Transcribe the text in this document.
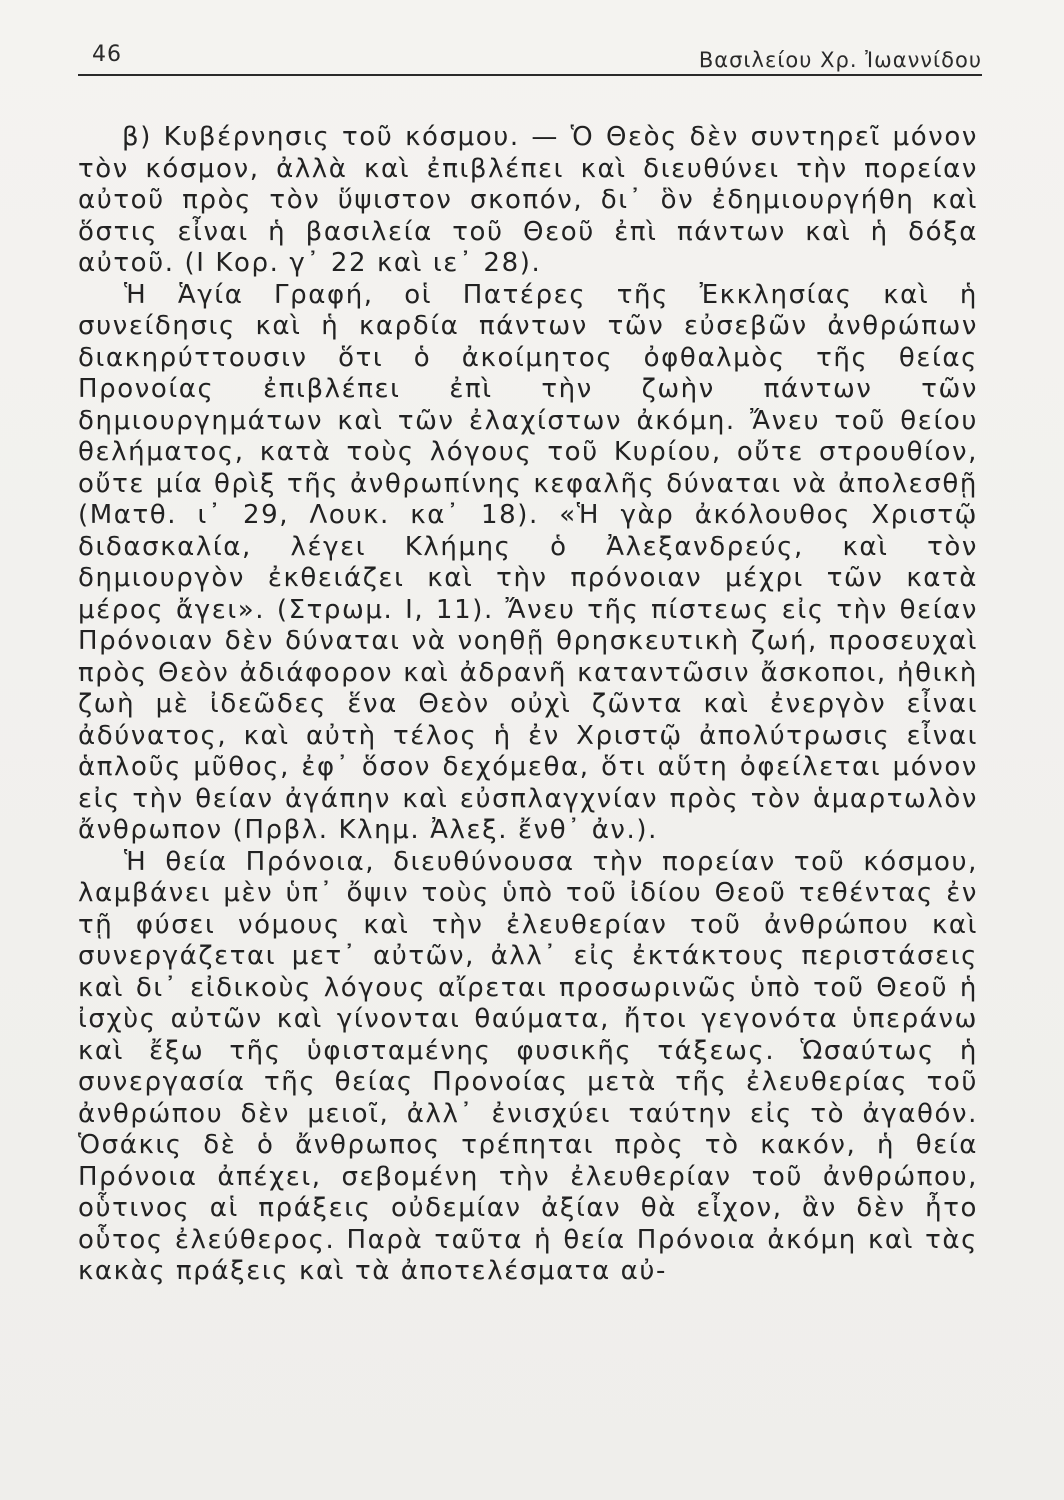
46	Βασιλείου Χρ. Ἰωαννίδου

β) Κυβέρνησις τοῦ κόσμου. — Ὁ Θεὸς δὲν συντηρεῖ μόνον τὸν κόσμον, ἀλλὰ καὶ ἐπιβλέπει καὶ διευθύνει τὴν πορείαν αὐτοῦ πρὸς τὸν ὕψιστον σκοπόν, δι᾽ ὃν ἐδημιουργήθη καὶ ὅστις εἶναι ἡ βασιλεία τοῦ Θεοῦ ἐπὶ πάντων καὶ ἡ δόξα αὐτοῦ. (Ι Κορ. γ᾽ 22 καὶ ιε᾽ 28).

Ἡ Ἁγία Γραφή, οἱ Πατέρες τῆς Ἐκκλησίας καὶ ἡ συνείδησις καὶ ἡ καρδία πάντων τῶν εὐσεβῶν ἀνθρώπων διακηρύττουσιν ὅτι ὁ ἀκοίμητος ὀφθαλμὸς τῆς θείας Προνοίας ἐπιβλέπει ἐπὶ τὴν ζωὴν πάντων τῶν δημιουργημάτων καὶ τῶν ἐλαχίστων ἀκόμη. Ἄνευ τοῦ θείου θελήματος, κατὰ τοὺς λόγους τοῦ Κυρίου, οὔτε στρουθίον, οὔτε μία θρὶξ τῆς ἀνθρωπίνης κεφαλῆς δύναται νὰ ἀπολεσθῇ (Ματθ. ι᾽ 29, Λουκ. κα᾽ 18). «Ἡ γὰρ ἀκόλουθος Χριστῷ διδασκαλία, λέγει Κλήμης ὁ Ἀλεξανδρεύς, καὶ τὸν δημιουργὸν ἐκθειάζει καὶ τὴν πρόνοιαν μέχρι τῶν κατὰ μέρος ἄγει». (Στρωμ. Ι, 11). Ἄνευ τῆς πίστεως εἰς τὴν θείαν Πρόνοιαν δὲν δύναται νὰ νοηθῇ θρησκευτικὴ ζωή, προσευχαὶ πρὸς Θεὸν ἀδιάφορον καὶ ἀδρανῆ καταντῶσιν ἄσκοποι, ἠθικὴ ζωὴ μὲ ἰδεῶδες ἕνα Θεὸν οὐχὶ ζῶντα καὶ ἐνεργὸν εἶναι ἀδύνατος, καὶ αὐτὴ τέλος ἡ ἐν Χριστῷ ἀπολύτρωσις εἶναι ἁπλοῦς μῦθος, ἐφ᾽ ὅσον δεχόμεθα, ὅτι αὕτη ὀφείλεται μόνον εἰς τὴν θείαν ἀγάπην καὶ εὐσπλαγχνίαν πρὸς τὸν ἁμαρτωλὸν ἄνθρωπον (Πρβλ. Κλημ. Ἀλεξ. ἔνθ᾽ ἀν.).

Ἡ θεία Πρόνοια, διευθύνουσα τὴν πορείαν τοῦ κόσμου, λαμβάνει μὲν ὑπ᾽ ὄψιν τοὺς ὑπὸ τοῦ ἰδίου Θεοῦ τεθέντας ἐν τῇ φύσει νόμους καὶ τὴν ἐλευθερίαν τοῦ ἀνθρώπου καὶ συνεργάζεται μετ᾽ αὐτῶν, ἀλλ᾽ εἰς ἐκτάκτους περιστάσεις καὶ δι᾽ εἰδικοὺς λόγους αἴρεται προσωρινῶς ὑπὸ τοῦ Θεοῦ ἡ ἰσχὺς αὐτῶν καὶ γίνονται θαύματα, ἤτοι γεγονότα ὑπεράνω καὶ ἔξω τῆς ὑφισταμένης φυσικῆς τάξεως. Ὡσαύτως ἡ συνεργασία τῆς θείας Προνοίας μετὰ τῆς ἐλευθερίας τοῦ ἀνθρώπου δὲν μειοῖ, ἀλλ᾽ ἐνισχύει ταύτην εἰς τὸ ἀγαθόν. Ὁσάκις δὲ ὁ ἄνθρωπος τρέπηται πρὸς τὸ κακόν, ἡ θεία Πρόνοια ἀπέχει, σεβομένη τὴν ἐλευθερίαν τοῦ ἀνθρώπου, οὗτινος αἱ πράξεις οὐδεμίαν ἀξίαν θὰ εἶχον, ἂν δὲν ἦτο οὗτος ἐλεύθερος. Παρὰ ταῦτα ἡ θεία Πρόνοια ἀκόμη καὶ τὰς κακὰς πράξεις καὶ τὰ ἀποτελέσματα αὐ-
